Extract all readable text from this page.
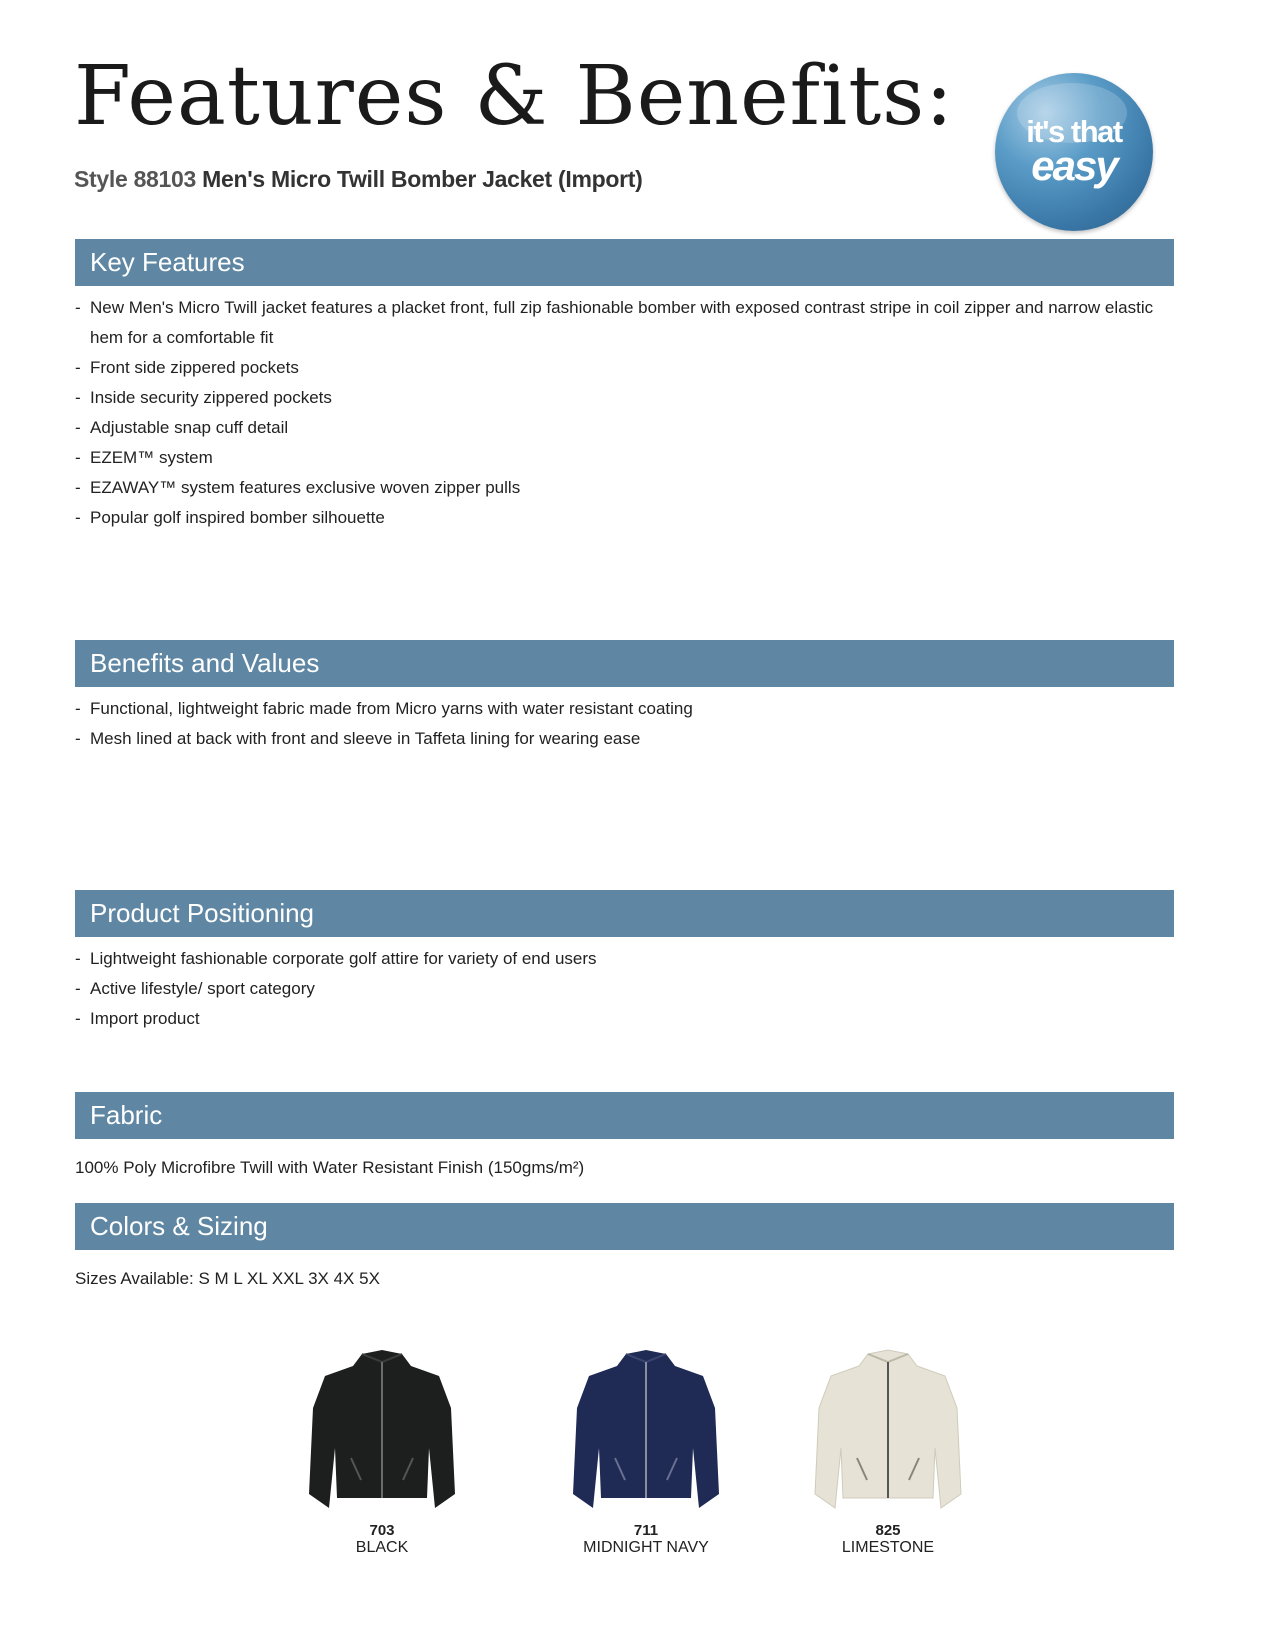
Features & Benefits:
Style 88103 Men's Micro Twill Bomber Jacket (Import)
it's that
easy
Key Features
- New Men's Micro Twill jacket features a placket front, full zip fashionable bomber with exposed contrast stripe in coil zipper and narrow elastic hem for a comfortable fit
- Front side zippered pockets
- Inside security zippered pockets
- Adjustable snap cuff detail
- EZEM™ system
- EZAWAY™ system features exclusive woven zipper pulls
- Popular golf inspired bomber silhouette
Benefits and Values
- Functional, lightweight fabric made from Micro yarns with water resistant coating
- Mesh lined at back with front and sleeve in Taffeta lining for wearing ease
Product Positioning
- Lightweight fashionable corporate golf attire for variety of end users
- Active lifestyle/ sport category
- Import product
Fabric
100% Poly Microfibre Twill with Water Resistant Finish (150gms/m²)
Colors & Sizing
Sizes Available: S M L XL XXL 3X 4X 5X
703
BLACK
711
MIDNIGHT NAVY
825
LIMESTONE
